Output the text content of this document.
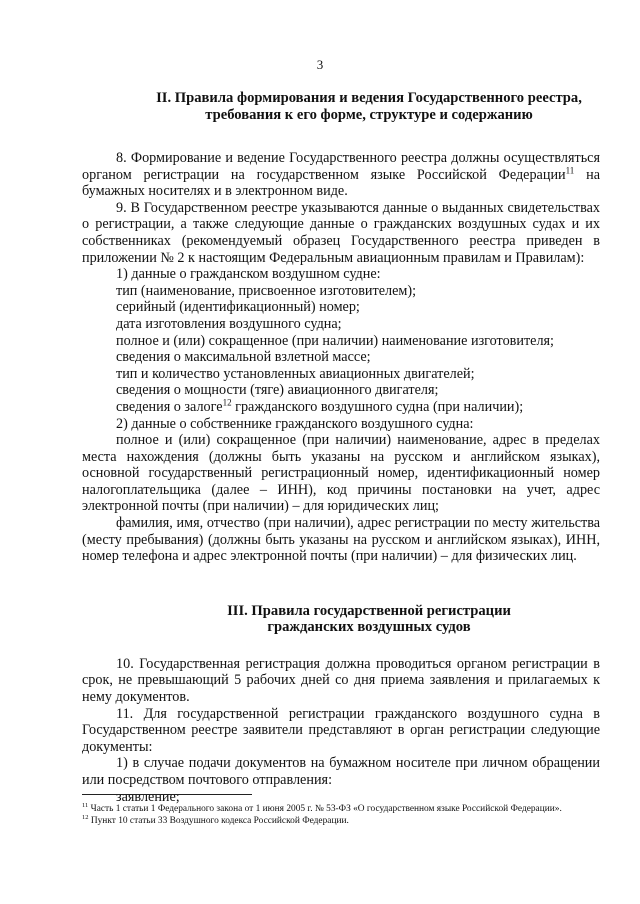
3
II. Правила формирования и ведения Государственного реестра,
требования к его форме, структуре и содержанию

8. Формирование и ведение Государственного реестра должны осуществляться органом регистрации на государственном языке Российской Федерации$^{11}$ на бумажных носителях и в электронном виде.

9. В Государственном реестре указываются данные о выданных свидетельствах о регистрации, а также следующие данные о гражданских воздушных судах и их собственниках (рекомендуемый образец Государственного реестра приведен в приложении № 2 к настоящим Федеральным авиационным правилам и Правилам):

1) данные о гражданском воздушном судне:
тип (наименование, присвоенное изготовителем);
серийный (идентификационный) номер;
дата изготовления воздушного судна;
полное и (или) сокращенное (при наличии) наименование изготовителя;
сведения о максимальной взлетной массе;
тип и количество установленных авиационных двигателей;
сведения о мощности (тяге) авиационного двигателя;
сведения о залоге$^{12}$ гражданского воздушного судна (при наличии);
2) данные о собственнике гражданского воздушного судна:

полное и (или) сокращенное (при наличии) наименование, адрес в пределах места нахождения (должны быть указаны на русском и английском языках), основной государственный регистрационный номер, идентификационный номер налогоплательщика (далее – ИНН), код причины постановки на учет, адрес электронной почты (при наличии) – для юридических лиц;

фамилия, имя, отчество (при наличии), адрес регистрации по месту жительства (месту пребывания) (должны быть указаны на русском и английском языках), ИНН, номер телефона и адрес электронной почты (при наличии) – для физических лиц.

III. Правила государственной регистрации
гражданских воздушных судов

10. Государственная регистрация должна проводиться органом регистрации в срок, не превышающий 5 рабочих дней со дня приема заявления и прилагаемых к нему документов.

11. Для государственной регистрации гражданского воздушного судна в Государственном реестре заявители представляют в орган регистрации следующие документы:

1) в случае подачи документов на бумажном носителе при личном обращении или посредством почтового отправления:

заявление;
$^{11}$ Часть 1 статьи 1 Федерального закона от 1 июня 2005 г. № 53-ФЗ «О государственном языке Российской Федерации».
$^{12}$ Пункт 10 статьи 33 Воздушного кодекса Российской Федерации.
